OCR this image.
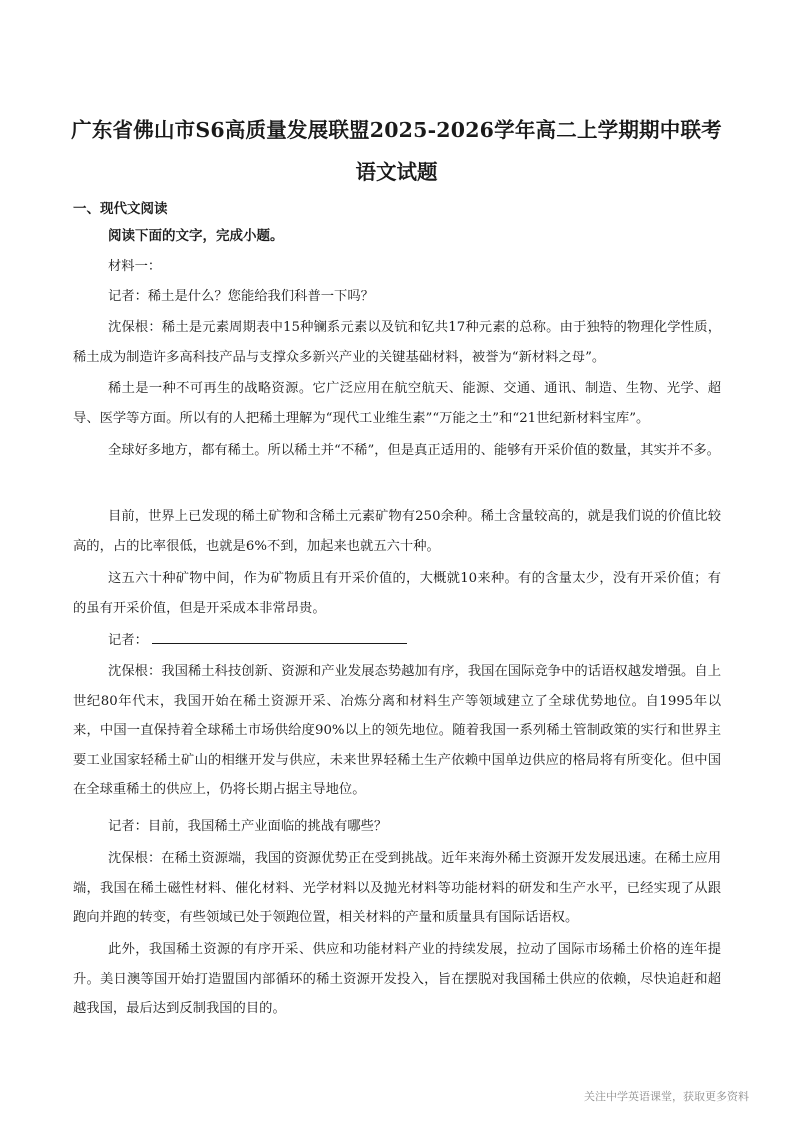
广东省佛山市S6高质量发展联盟2025-2026学年高二上学期期中联考
语文试题
一、现代文阅读
阅读下面的文字，完成小题。
材料一：
记者：稀土是什么？您能给我们科普一下吗？
沈保根：稀土是元素周期表中15种镧系元素以及钪和钇共17种元素的总称。由于独特的物理化学性质，稀土成为制造许多高科技产品与支撑众多新兴产业的关键基础材料，被誉为“新材料之母”。
稀土是一种不可再生的战略资源。它广泛应用在航空航天、能源、交通、通讯、制造、生物、光学、超导、医学等方面。所以有的人把稀土理解为“现代工业维生素”“万能之土”和“21世纪新材料宝库”。
全球好多地方，都有稀土。所以稀土并“不稀”，但是真正适用的、能够有开采价值的数量，其实并不多。
目前，世界上已发现的稀土矿物和含稀土元素矿物有250余种。稀土含量较高的，就是我们说的价值比较高的，占的比率很低，也就是6%不到，加起来也就五六十种。
这五六十种矿物中间，作为矿物质且有开采价值的，大概就10来种。有的含量太少，没有开采价值；有的虽有开采价值，但是开采成本非常昂贵。
记者：
沈保根：我国稀土科技创新、资源和产业发展态势越加有序，我国在国际竞争中的话语权越发增强。自上世纪80年代末，我国开始在稀土资源开采、冶炼分离和材料生产等领域建立了全球优势地位。自1995年以来，中国一直保持着全球稀土市场供给度90%以上的领先地位。随着我国一系列稀土管制政策的实行和世界主要工业国家轻稀土矿山的相继开发与供应，未来世界轻稀土生产依赖中国单边供应的格局将有所变化。但中国在全球重稀土的供应上，仍将长期占据主导地位。
记者：目前，我国稀土产业面临的挑战有哪些？
沈保根：在稀土资源端，我国的资源优势正在受到挑战。近年来海外稀土资源开发发展迅速。在稀土应用端，我国在稀土磁性材料、催化材料、光学材料以及抛光材料等功能材料的研发和生产水平，已经实现了从跟跑向并跑的转变，有些领域已处于领跑位置，相关材料的产量和质量具有国际话语权。
此外，我国稀土资源的有序开采、供应和功能材料产业的持续发展，拉动了国际市场稀土价格的连年提升。美日澳等国开始打造盟国内部循环的稀土资源开发投入，旨在摆脱对我国稀土供应的依赖，尽快追赶和超越我国，最后达到反制我国的目的。
关注中学英语课堂，获取更多资料
